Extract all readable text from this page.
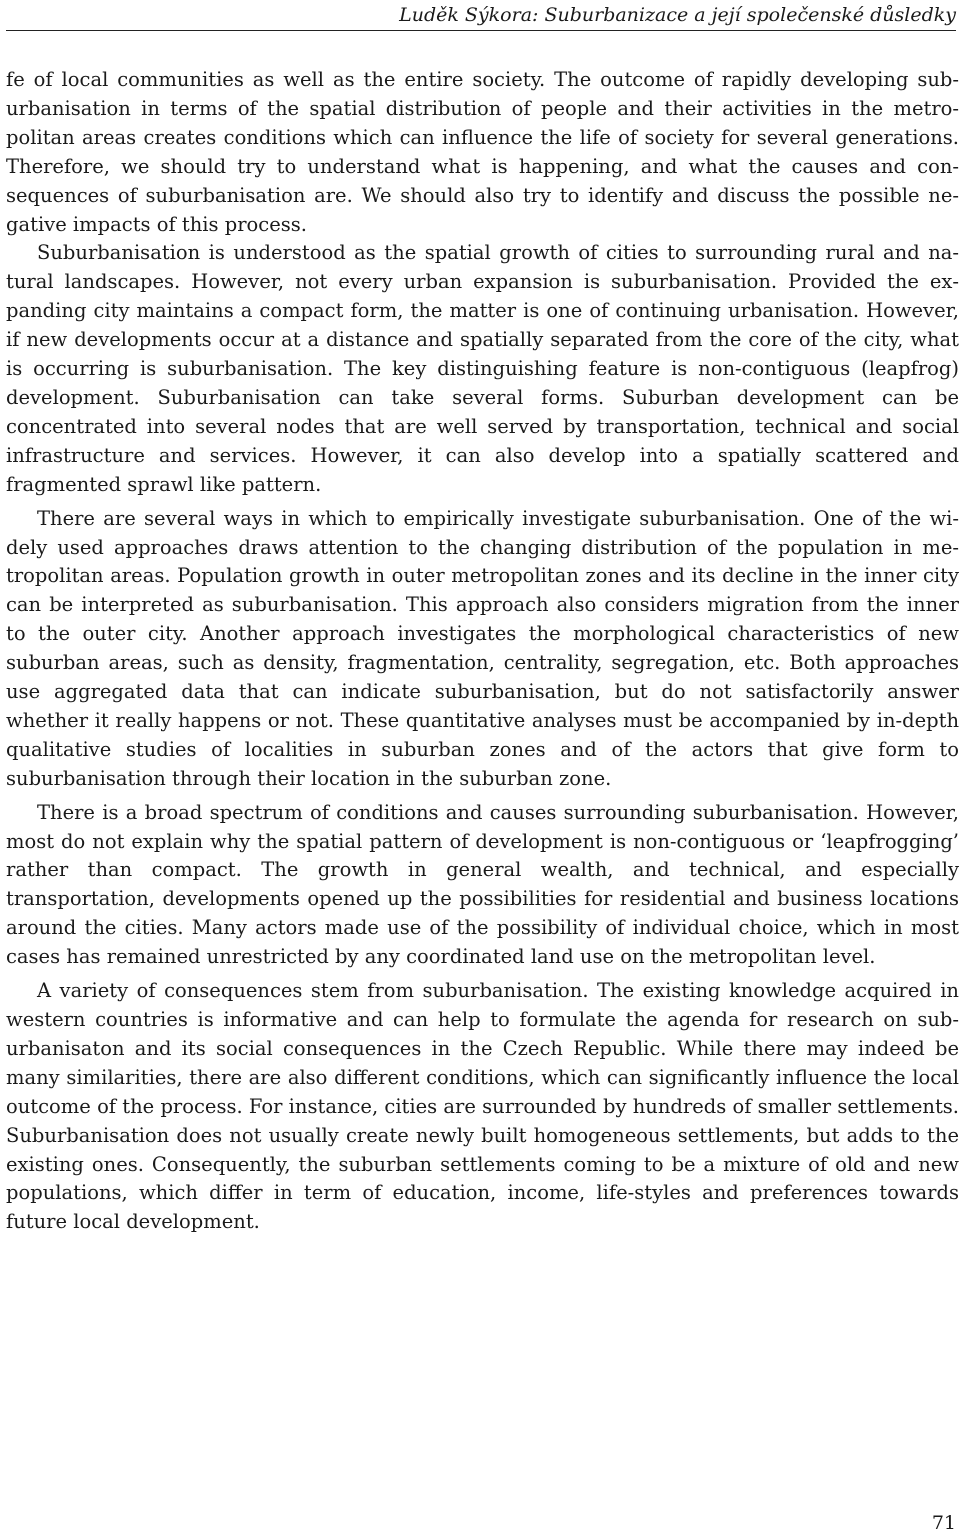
Luděk Sýkora: Suburbanizace a její společenské důsledky

fe of local communities as well as the entire society. The outcome of rapidly developing suburbanisation in terms of the spatial distribution of people and their activities in the metropolitan areas creates conditions which can influence the life of society for several generations. Therefore, we should try to understand what is happening, and what the causes and consequences of suburbanisation are. We should also try to identify and discuss the possible negative impacts of this process.

Suburbanisation is understood as the spatial growth of cities to surrounding rural and natural landscapes. However, not every urban expansion is suburbanisation. Provided the expanding city maintains a compact form, the matter is one of continuing urbanisation. However, if new developments occur at a distance and spatially separated from the core of the city, what is occurring is suburbanisation. The key distinguishing feature is non-contiguous (leapfrog) development. Suburbanisation can take several forms. Suburban development can be concentrated into several nodes that are well served by transportation, technical and social infrastructure and services. However, it can also develop into a spatially scattered and fragmented sprawl like pattern.

There are several ways in which to empirically investigate suburbanisation. One of the widely used approaches draws attention to the changing distribution of the population in metropolitan areas. Population growth in outer metropolitan zones and its decline in the inner city can be interpreted as suburbanisation. This approach also considers migration from the inner to the outer city. Another approach investigates the morphological characteristics of new suburban areas, such as density, fragmentation, centrality, segregation, etc. Both approaches use aggregated data that can indicate suburbanisation, but do not satisfactorily answer whether it really happens or not. These quantitative analyses must be accompanied by in-depth qualitative studies of localities in suburban zones and of the actors that give form to suburbanisation through their location in the suburban zone.

There is a broad spectrum of conditions and causes surrounding suburbanisation. However, most do not explain why the spatial pattern of development is non-contiguous or ‘leapfrogging’ rather than compact. The growth in general wealth, and technical, and especially transportation, developments opened up the possibilities for residential and business locations around the cities. Many actors made use of the possibility of individual choice, which in most cases has remained unrestricted by any coordinated land use on the metropolitan level.

A variety of consequences stem from suburbanisation. The existing knowledge acquired in western countries is informative and can help to formulate the agenda for research on suburbanisaton and its social consequences in the Czech Republic. While there may indeed be many similarities, there are also different conditions, which can significantly influence the local outcome of the process. For instance, cities are surrounded by hundreds of smaller settlements. Suburbanisation does not usually create newly built homogeneous settlements, but adds to the existing ones. Consequently, the suburban settlements coming to be a mixture of old and new populations, which differ in term of education, income, life-styles and preferences towards future local development.

71
